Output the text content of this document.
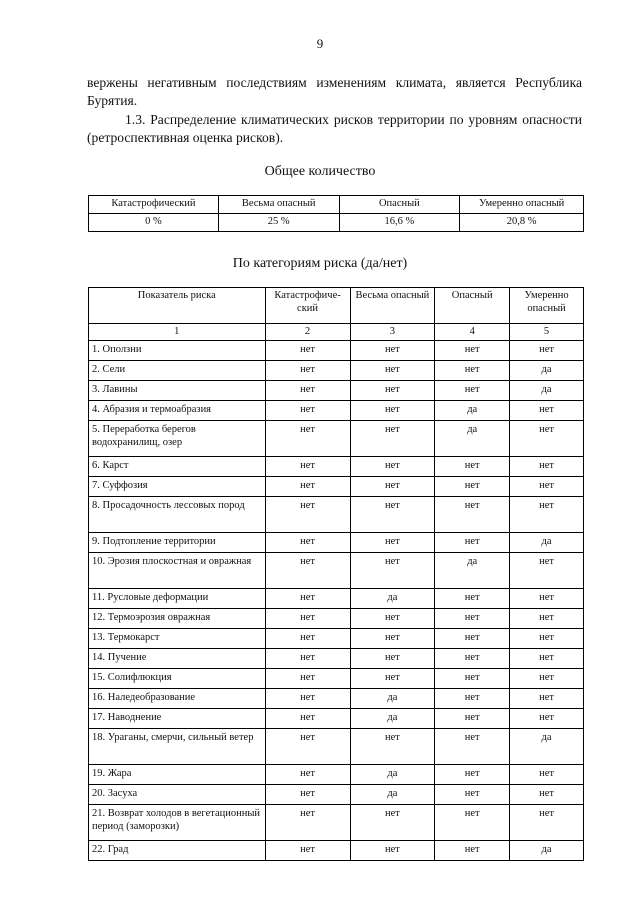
9
вержены негативным последствиям изменениям климата, является Республика Бурятия.
1.3. Распределение климатических рисков территории по уровням опасности (ретроспективная оценка рисков).
Общее количество
Катастрофический	Весьма опасный	Опасный	Умеренно опасный
0 %	25 %	16,6 %	20,8 %
По категориям риска (да/нет)
Показатель риска	Катастрофиче-ский	Весьма опасный	Опасный	Умеренно опасный
1	2	3	4	5
1. Оползни	нет	нет	нет	нет
2. Сели	нет	нет	нет	да
3. Лавины	нет	нет	нет	да
4. Абразия и термоабразия	нет	нет	да	нет
5. Переработка берегов водохранилищ, озер	нет	нет	да	нет
6. Карст	нет	нет	нет	нет
7. Суффозия	нет	нет	нет	нет
8. Просадочность лессовых пород	нет	нет	нет	нет
9. Подтопление территории	нет	нет	нет	да
10. Эрозия плоскостная и овражная	нет	нет	да	нет
11. Русловые деформации	нет	да	нет	нет
12. Термоэрозия овражная	нет	нет	нет	нет
13. Термокарст	нет	нет	нет	нет
14. Пучение	нет	нет	нет	нет
15. Солифлюкция	нет	нет	нет	нет
16. Наледеобразование	нет	да	нет	нет
17. Наводнение	нет	да	нет	нет
18. Ураганы, смерчи, сильный ветер	нет	нет	нет	да
19. Жара	нет	да	нет	нет
20. Засуха	нет	да	нет	нет
21. Возврат холодов в вегетационный период (заморозки)	нет	нет	нет	нет
22. Град	нет	нет	нет	да
